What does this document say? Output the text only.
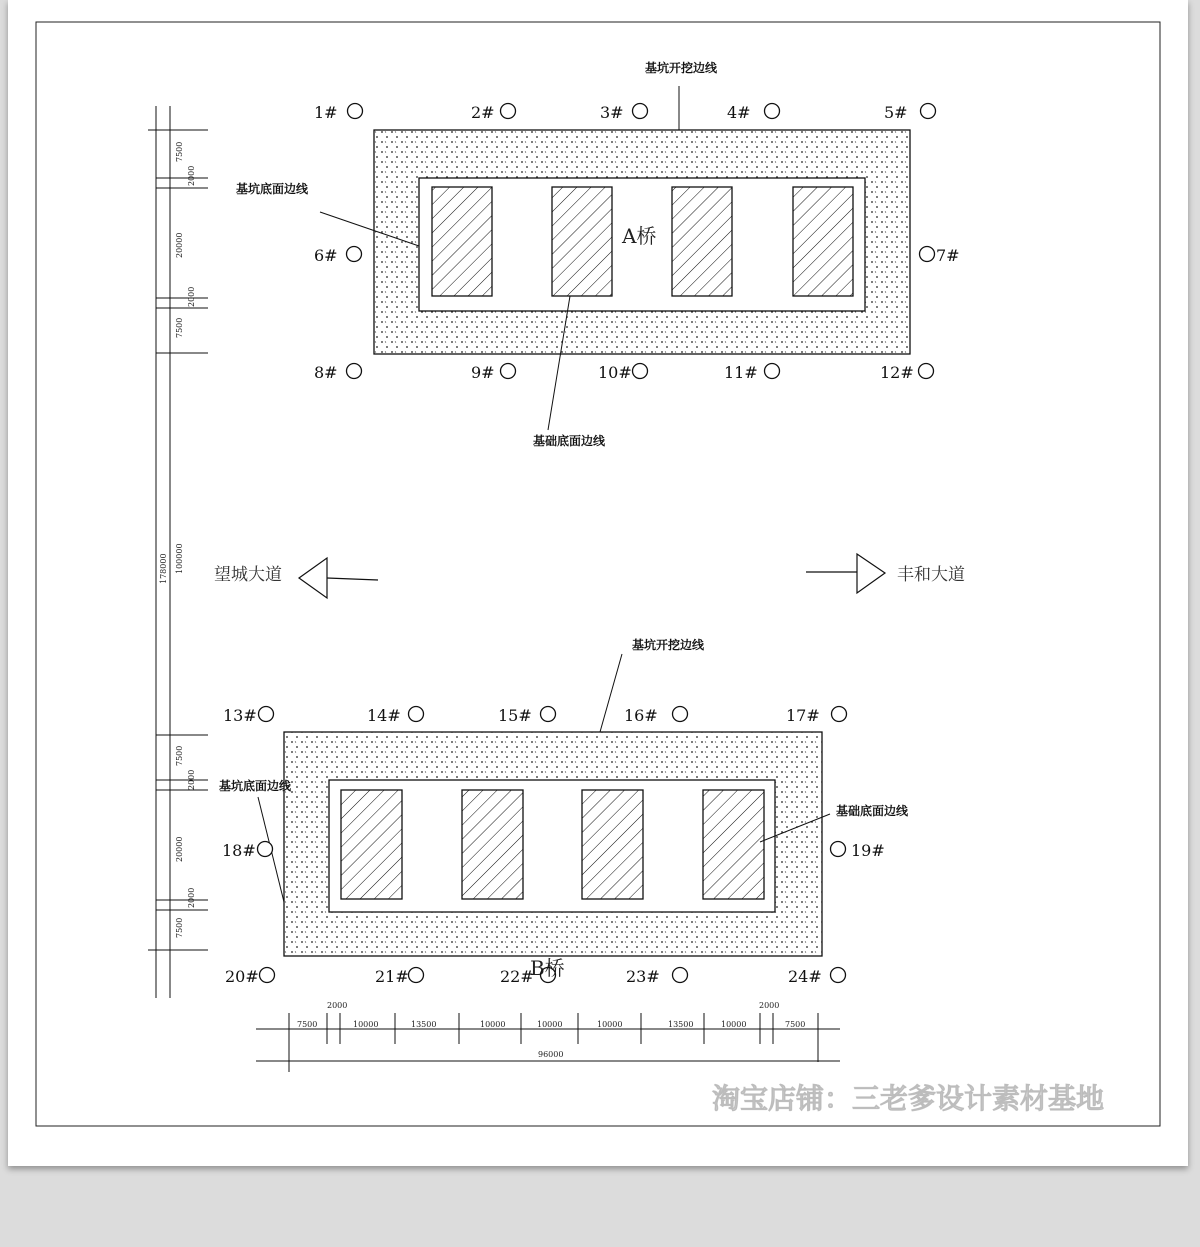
A桥
基坑开挖边线
基坑底面边线
基础底面边线
1#	2#	3#	4#	5#
6#	7#
8#	9#	10#	11#	12#
望城大道	丰和大道
基坑开挖边线
基坑底面边线
基础底面边线
13#	14#	15#	16#	17#
18#	19#
20#	21#	B桥
22#	23#	24#
7500
2000
20000
2000
7500
178000 100000
7500
2000
20000
2000
7500
2000	2000
7500	10000	13500	10000	10000	10000	13500	10000	7500
96000
淘宝店铺：三老爹设计素材基地
